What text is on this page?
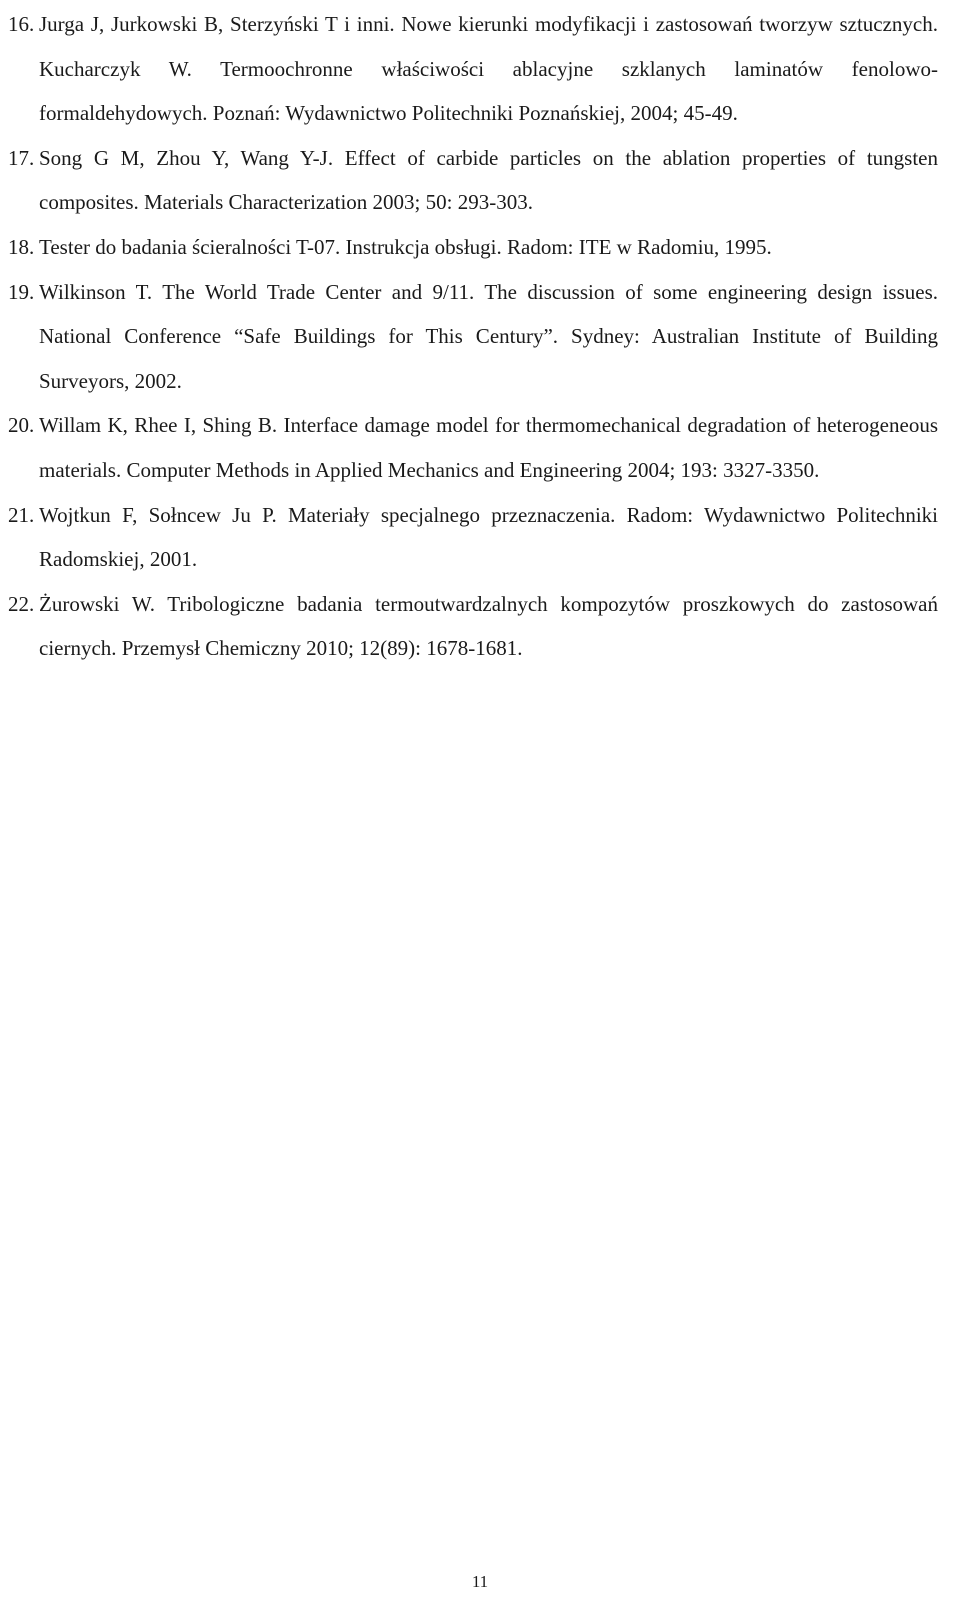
16. Jurga J, Jurkowski B, Sterzyński T i inni. Nowe kierunki modyfikacji i zastosowań tworzyw sztucznych. Kucharczyk W. Termoochronne właściwości ablacyjne szklanych laminatów fenolowo-formaldehydowych. Poznań: Wydawnictwo Politechniki Poznańskiej, 2004; 45-49.
17. Song G M, Zhou Y, Wang Y-J. Effect of carbide particles on the ablation properties of tungsten composites. Materials Characterization 2003; 50: 293-303.
18. Tester do badania ścieralności T-07. Instrukcja obsługi. Radom: ITE w Radomiu, 1995.
19. Wilkinson T. The World Trade Center and 9/11. The discussion of some engineering design issues. National Conference “Safe Buildings for This Century”. Sydney: Australian Institute of Building Surveyors, 2002.
20. Willam K, Rhee I, Shing B. Interface damage model for thermomechanical degradation of heterogeneous materials. Computer Methods in Applied Mechanics and Engineering 2004; 193: 3327-3350.
21. Wojtkun F, Sołncew Ju P. Materiały specjalnego przeznaczenia. Radom: Wydawnictwo Politechniki Radomskiej, 2001.
22. Żurowski W. Tribologiczne badania termoutwardzalnych kompozytów proszkowych do zastosowań ciernych. Przemysł Chemiczny 2010; 12(89): 1678-1681.
11
